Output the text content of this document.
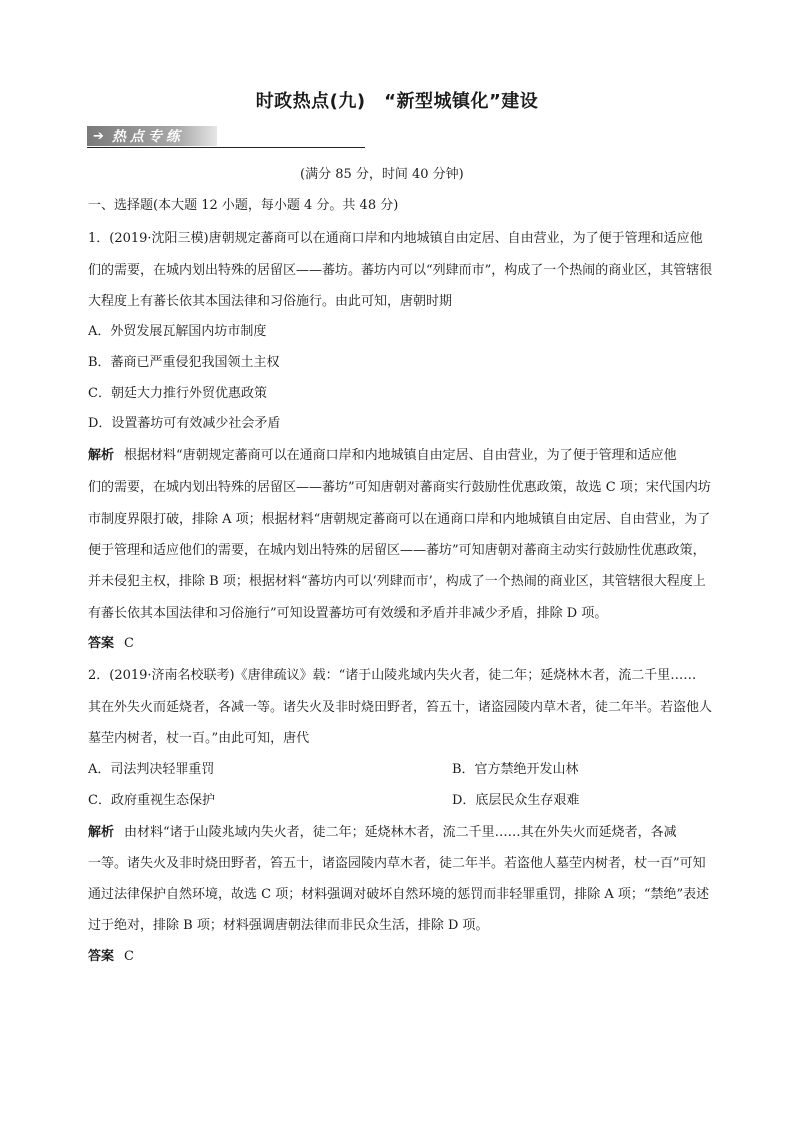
时政热点(九)　“新型城镇化”建设
➔ 热点专练
(满分 85 分，时间 40 分钟)
一、选择题(本大题 12 小题，每小题 4 分。共 48 分)
1．(2019·沈阳三模)唐朝规定蕃商可以在通商口岸和内地城镇自由定居、自由营业，为了便于管理和适应他
们的需要，在城内划出特殊的居留区——蕃坊。蕃坊内可以“列肆而市”，构成了一个热闹的商业区，其管辖很
大程度上有蕃长依其本国法律和习俗施行。由此可知，唐朝时期
A．外贸发展瓦解国内坊市制度
B．蕃商已严重侵犯我国领土主权
C．朝廷大力推行外贸优惠政策
D．设置蕃坊可有效减少社会矛盾
解析 根据材料“唐朝规定蕃商可以在通商口岸和内地城镇自由定居、自由营业，为了便于管理和适应他
们的需要，在城内划出特殊的居留区——蕃坊”可知唐朝对蕃商实行鼓励性优惠政策，故选 C 项；宋代国内坊
市制度界限打破，排除 A 项；根据材料“唐朝规定蕃商可以在通商口岸和内地城镇自由定居、自由营业，为了
便于管理和适应他们的需要，在城内划出特殊的居留区——蕃坊”可知唐朝对蕃商主动实行鼓励性优惠政策，
并未侵犯主权，排除 B 项；根据材料“蕃坊内可以‘列肆而市’，构成了一个热闹的商业区，其管辖很大程度上
有蕃长依其本国法律和习俗施行”可知设置蕃坊可有效缓和矛盾并非减少矛盾，排除 D 项。
答案 C
2．(2019·济南名校联考)《唐律疏议》载：“诸于山陵兆域内失火者，徒二年；延烧林木者，流二千里……
其在外失火而延烧者，各减一等。诸失火及非时烧田野者，笞五十，诸盗园陵内草木者，徒二年半。若盗他人
墓茔内树者，杖一百。”由此可知，唐代
A．司法判决轻罪重罚	B．官方禁绝开发山林
C．政府重视生态保护	D．底层民众生存艰难
解析 由材料“诸于山陵兆域内失火者，徒二年；延烧林木者，流二千里……其在外失火而延烧者，各减
一等。诸失火及非时烧田野者，笞五十，诸盗园陵内草木者，徒二年半。若盗他人墓茔内树者，杖一百”可知
通过法律保护自然环境，故选 C 项；材料强调对破坏自然环境的惩罚而非轻罪重罚，排除 A 项；“禁绝”表述
过于绝对，排除 B 项；材料强调唐朝法律而非民众生活，排除 D 项。
答案 C
